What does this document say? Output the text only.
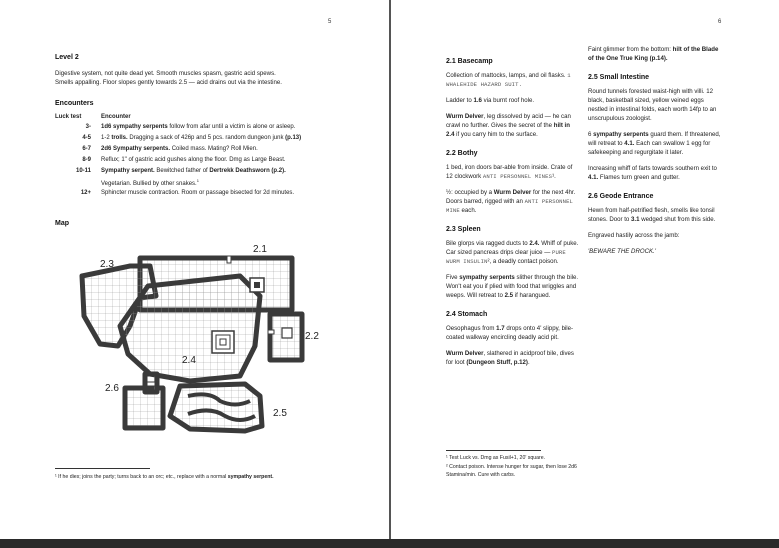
5
Level 2

Digestive system, not quite dead yet. Smooth muscles spasm, gastric acid spews.

Smells appalling. Floor slopes gently towards 2.5 — acid drains out via the intestine.

Encounters
Luck test	Encounter
3-	1d6 sympathy serpents follow from afar until a victim is alone or asleep.
4-5	1-2 trolls. Dragging a sack of 426p and 5 pcs. random dungeon junk (p.13)
6-7	2d6 Sympathy serpents. Coiled mass. Mating? Roll Mien.
8-9	Reflux; 1" of gastric acid gushes along the floor. Dmg as Large Beast.
10-11	Sympathy serpent. Bewitched father of Dertrekk Deathsworn (p.2).
Vegetarian. Bullied by other snakes.$^1$
12+	Sphincter muscle contraction. Room or passage bisected for 2d minutes.
Map
2.1
2.2
2.3
2.4
2.5
2.6

¹ If he dies; joins the party; turns back to an orc; etc., replace with a normal sympathy serpent.

6
2.1 Basecamp

Collection of mattocks, lamps, and oil flasks. 1 WHALEHIDE HAZARD SUIT.

Ladder to 1.6 via burnt roof hole.

Wurm Delver, leg dissolved by acid — he can crawl no further. Gives the secret of the hilt in 2.4 if you carry him to the surface.

2.2 Bothy

1 bed, iron doors bar-able from inside. Crate of 12 clockwork ANTI PERSONNEL MINES¹.

½: occupied by a Wurm Delver for the next 4hr. Doors barred, rigged with an ANTI PERSONNEL MINE each.

2.3 Spleen

Bile glorps via ragged ducts to 2.4. Whiff of puke. Car sized pancreas drips clear juice — PURE WURM INSULIN², a deadly contact poison.

Five sympathy serpents slither through the bile. Won't eat you if plied with food that wriggles and weeps. Will retreat to 2.5 if harangued.

2.4 Stomach

Oesophagus from 1.7 drops onto 4' slippy, bile-coated walkway encircling deadly acid pit.

Wurm Delver, slathered in acidproof bile, dives for loot (Dungeon Stuff, p.12).

¹ Test Luck vs. Dmg as Fusil+1, 20' square.

² Contact poison. Intense hunger for sugar, then lose 2d6 Stamina/min. Cure with carbs.

Faint glimmer from the bottom: hilt of the Blade of the One True King (p.14).

2.5 Small Intestine

Round tunnels forested waist-high with villi. 12 black, basketball sized, yellow veined eggs nestled in intestinal folds, each worth 14fp to an unscrupulous zoologist.

6 sympathy serpents guard them. If threatened, will retreat to 4.1. Each can swallow 1 egg for safekeeping and regurgitate it later.

Increasing whiff of farts towards southern exit to 4.1. Flames turn green and gutter.

2.6 Geode Entrance

Hewn from half-petrified flesh, smells like tonsil stones. Door to 3.1 wedged shut from this side.

Engraved hastily across the jamb:

'BEWARE THE DROCK.'
